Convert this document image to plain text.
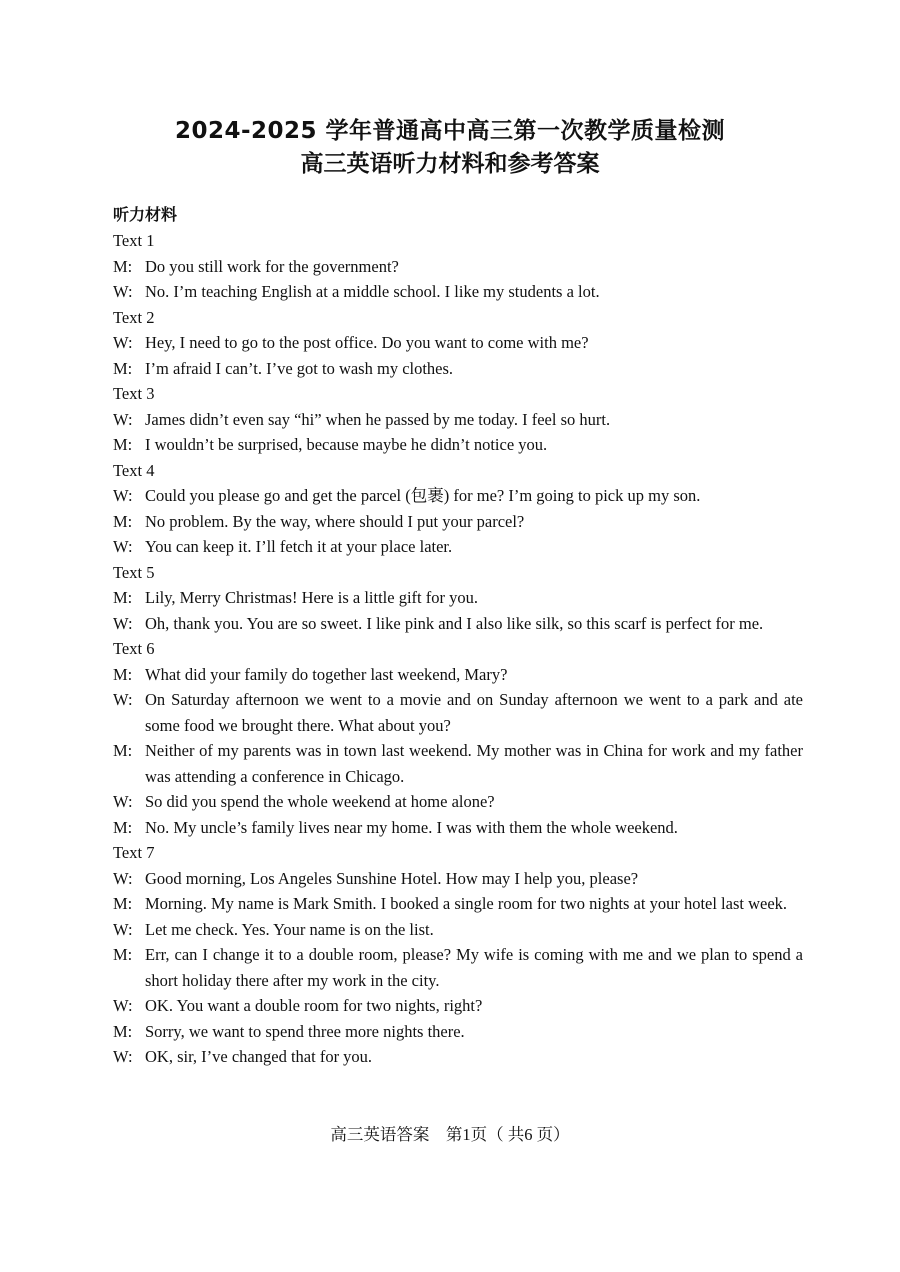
2024-2025 学年普通高中高三第一次教学质量检测
高三英语听力材料和参考答案
听力材料
Text 1
M: Do you still work for the government?
W: No. I’m teaching English at a middle school. I like my students a lot.
Text 2
W: Hey, I need to go to the post office. Do you want to come with me?
M: I’m afraid I can’t. I’ve got to wash my clothes.
Text 3
W: James didn’t even say “hi” when he passed by me today. I feel so hurt.
M: I wouldn’t be surprised, because maybe he didn’t notice you.
Text 4
W: Could you please go and get the parcel (包裹) for me? I’m going to pick up my son.
M: No problem. By the way, where should I put your parcel?
W: You can keep it. I’ll fetch it at your place later.
Text 5
M: Lily, Merry Christmas! Here is a little gift for you.
W: Oh, thank you. You are so sweet. I like pink and I also like silk, so this scarf is perfect for me.
Text 6
M: What did your family do together last weekend, Mary?
W: On Saturday afternoon we went to a movie and on Sunday afternoon we went to a park and ate some food we brought there. What about you?
M: Neither of my parents was in town last weekend. My mother was in China for work and my father was attending a conference in Chicago.
W: So did you spend the whole weekend at home alone?
M: No. My uncle’s family lives near my home. I was with them the whole weekend.
Text 7
W: Good morning, Los Angeles Sunshine Hotel. How may I help you, please?
M: Morning. My name is Mark Smith. I booked a single room for two nights at your hotel last week.
W: Let me check. Yes. Your name is on the list.
M: Err, can I change it to a double room, please? My wife is coming with me and we plan to spend a short holiday there after my work in the city.
W: OK. You want a double room for two nights, right?
M: Sorry, we want to spend three more nights there.
W: OK, sir, I’ve changed that for you.
高三英语答案　第1页（ 共6 页）
